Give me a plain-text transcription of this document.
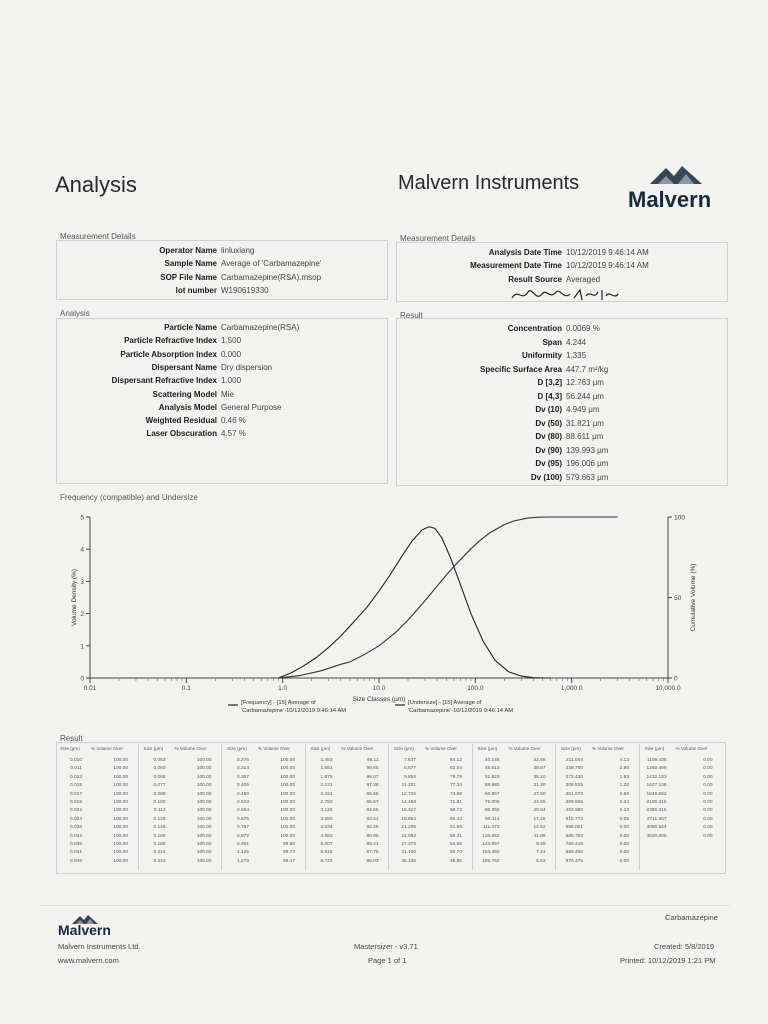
Analysis	Malvern Instruments
Malvern
Measurement Details
Operator Name linluxiang
Sample Name Average of 'Carbamazepine'
SOP File Name Carbamazepine(RSA).msop
lot number W190619330
Measurement Details
Analysis Date Time 10/12/2019 9:46:14 AM
Measurement Date Time 10/12/2019 9:46:14 AM
Result Source Averaged
Analysis
Particle Name Carbamazepine(RSA)
Particle Refractive Index 1.500
Particle Absorption Index 0.000
Dispersant Name Dry dispersion
Dispersant Refractive Index 1.000
Scattering Model Mie
Analysis Model General Purpose
Weighted Residual 0.46 %
Laser Obscuration 4.57 %
Result
Concentration 0.0069 %
Span 4.244
Uniformity 1.335
Specific Surface Area 447.7 m²/kg
D [3,2] 12.763 μm
D [4,3] 56.244 μm
Dv (10) 4.949 μm
Dv (50) 31.821 μm
Dv (80) 88.611 μm
Dv (90) 139.993 μm
Dv (95) 196.006 μm
Dv (100) 579.663 μm
Frequency (compatible) and Undersize
0.01	0.1	1.0	10.0	100.0	1,000.0	10,000.0
0
1
2
3
4
5
0
50
100
Size Classes (μm)
Volume Density (%)	Cumulative Volume (%)
[Frequency] - [15] Average of
'Carbamazepine'-10/12/2019 9:46:14 AM
[Undersize] - [15] Average of
'Carbamazepine'-10/12/2019 9:46:14 AM
Result
Size (μm) % Volume Over
0.010	100.00
0.011	100.00
0.013	100.00
0.015	100.00
0.017	100.00
0.019	100.00
0.022	100.00
0.024	100.00
0.028	100.00
0.032	100.00
0.036	100.00
0.041	100.00
0.046	100.00
Size (μm) % Volume Over
0.053	100.00
0.060	100.00
0.068	100.00
0.077	100.00
0.088	100.00
0.100	100.00
0.113	100.00
0.128	100.00
0.146	100.00
0.166	100.00
0.188	100.00
0.214	100.00
0.243	100.00
Size (μm) % Volume Over
0.276	100.00
0.314	100.00
0.357	100.00
0.405	100.00
0.460	100.00
0.523	100.00
0.594	100.00
0.675	100.00
0.767	100.00
0.872	100.00
0.991	99.90
1.125	99.73
1.279	99.47
Size (μm) % Volume Over
1.453	99.11
1.651	98.65
1.875	98.07
2.131	97.38
2.421	96.58
2.750	95.67
3.125	94.65
3.550	93.51
4.034	92.26
4.583	90.90
5.207	89.41
5.916	87.79
6.722	86.03
Size (μm) % Volume Over
7.637	84.12
8.677	82.04
9.858	79.79
11.201	77.34
12.726	74.68
14.458	71.81
16.427	68.72
18.664	65.43
21.205	61.95
24.092	58.31
27.373	54.55
31.100	50.70
35.335	46.80
Size (μm) % Volume Over
40.146	42.88
45.613	38.97
51.823	35.10
58.880	31.30
66.897	27.60
76.006	24.06
86.355	20.64
98.114	17.46
111.473	14.52
126.652	11.86
143.897	9.49
163.490	7.41
185.752	5.63
Size (μm) % Volume Over
211.044	4.13
239.780	2.90
272.430	1.93
309.525	1.20
351.670	0.68
399.555	0.34
453.960	0.13
515.772	0.05
586.001	0.00
665.793	0.00
756.449	0.00
859.450	0.00
976.475	0.00
Size (μm) % Volume Over
1109.435	0.00
1260.499	0.00
1432.133	0.00
1627.136	0.00
1848.692	0.00
2100.416	0.00
2386.415	0.00
2711.357	0.00
3080.544	0.00
3500.000	0.00
Malvern
Malvern Instruments Ltd.
www.malvern.com
Mastersizer - v3.71
Page 1 of 1
Carbamazepine
Created: 5/8/2019
Printed: 10/12/2019 1:21 PM
